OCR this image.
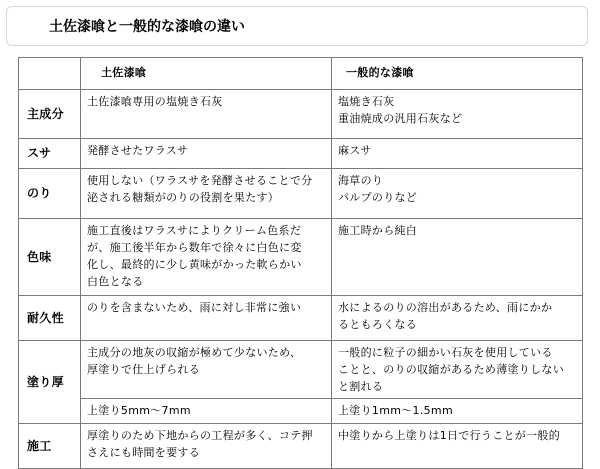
土佐漆喰と一般的な漆喰の違い
	土佐漆喰	一般的な漆喰
主成分	土佐漆喰専用の塩焼き石灰	塩焼き石灰
重油焼成の汎用石灰など

スサ	発酵させたワラスサ	麻スサ

のり	使用しない（ワラスサを発酵させることで分
泌される糖類がのりの役割を果たす）	海草のり
パルプのりなど

色味	施工直後はワラスサによりクリーム色系だ
が、施工後半年から数年で徐々に白色に変
化し、最終的に少し黄味がかった軟らかい
白色となる	施工時から純白

耐久性	のりを含まないため、雨に対し非常に強い	水によるのりの溶出があるため、雨にかか
るともろくなる

塗り厚	主成分の地灰の収縮が極めて少ないため、
厚塗りで仕上げられる	一般的に粒子の細かい石灰を使用している
ことと、のりの収縮があるため薄塗りしない
と割れる

	上塗り5mm～7mm	上塗り1mm～1.5mm

施工	厚塗りのため下地からの工程が多く、コテ押
さえにも時間を要する	中塗りから上塗りは1日で行うことが一般的
